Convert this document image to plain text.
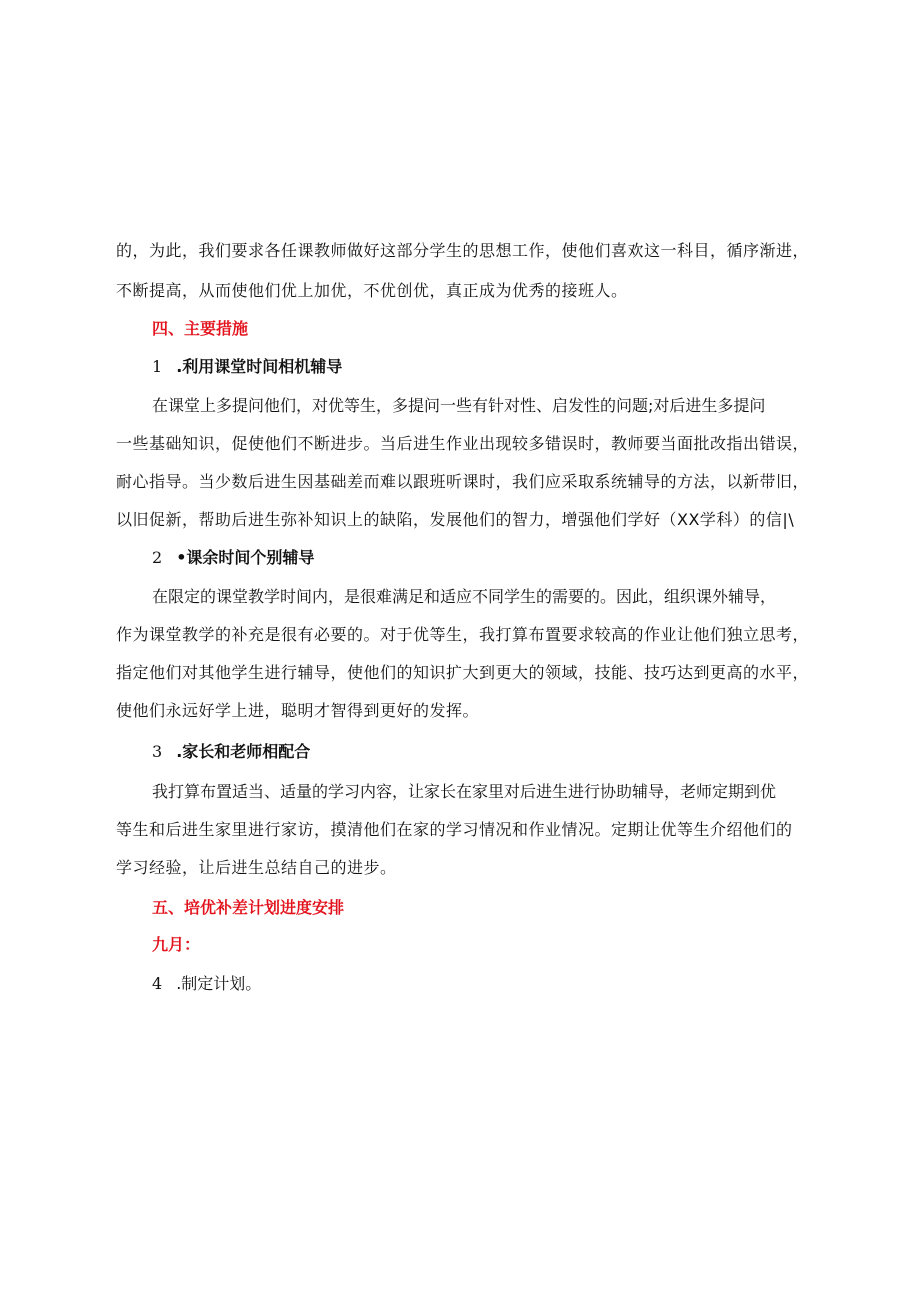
的，为此，我们要求各任课教师做好这部分学生的思想工作，使他们喜欢这一科目，循序渐进，
不断提高，从而使他们优上加优，不优创优，真正成为优秀的接班人。
四、主要措施
1 .利用课堂时间相机辅导
在课堂上多提问他们，对优等生，多提问一些有针对性、启发性的问题;对后进生多提问
一些基础知识，促使他们不断进步。当后进生作业出现较多错误时，教师要当面批改指出错误，
耐心指导。当少数后进生因基础差而难以跟班听课时，我们应采取系统辅导的方法，以新带旧，
以旧促新，帮助后进生弥补知识上的缺陷，发展他们的智力，增强他们学好（XX学科）的信|\
2 •课余时间个别辅导
在限定的课堂教学时间内，是很难满足和适应不同学生的需要的。因此，组织课外辅导，
作为课堂教学的补充是很有必要的。对于优等生，我打算布置要求较高的作业让他们独立思考，
指定他们对其他学生进行辅导，使他们的知识扩大到更大的领域，技能、技巧达到更高的水平，
使他们永远好学上进，聪明才智得到更好的发挥。
3 .家长和老师相配合
我打算布置适当、适量的学习内容，让家长在家里对后进生进行协助辅导，老师定期到优
等生和后进生家里进行家访，摸清他们在家的学习情况和作业情况。定期让优等生介绍他们的
学习经验，让后进生总结自己的进步。
五、培优补差计划进度安排
九月：
4 .制定计划。
